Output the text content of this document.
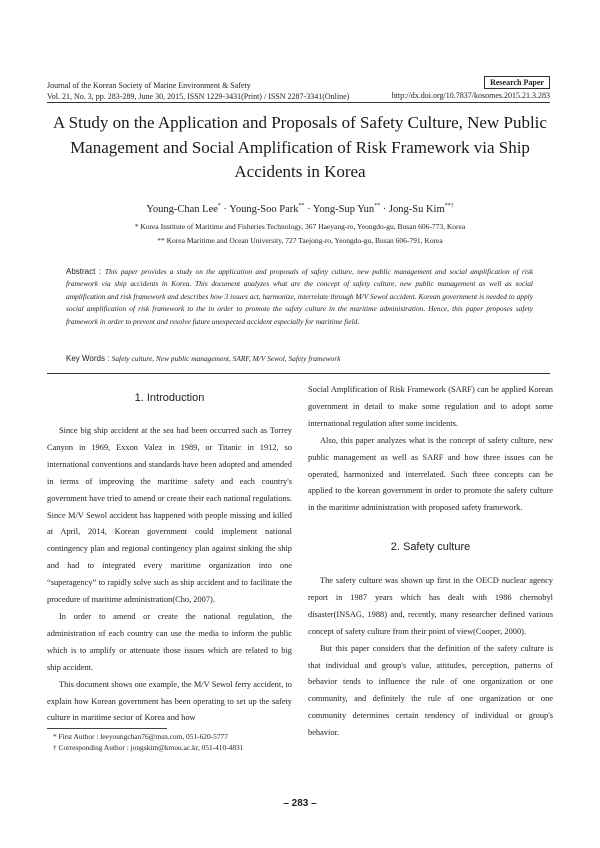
Journal of the Korean Society of Marine Environment & Safety
Vol. 21, No. 3, pp. 283-289, June 30, 2015, ISSN 1229-3431(Print) / ISSN 2287-3341(Online)
Research Paper
http://dx.doi.org/10.7837/kosomes.2015.21.3.283
A Study on the Application and Proposals of Safety Culture, New Public
Management and Social Amplification of Risk Framework via Ship
Accidents in Korea
Young-Chan Lee* · Young-Soo Park** · Yong-Sup Yun** · Jong-Su Kim**†
* Korea Institute of Maritime and Fisheries Technology, 367 Haeyang-ro, Yeongdo-gu, Busan 606-773, Korea
** Korea Maritime and Ocean University, 727 Taejong-ro, Yeongdo-gu, Busan 606-791, Korea
Abstract : This paper provides a study on the application and proposals of safety culture, new public management and social amplification of risk framework via ship accidents in Korea. This document analyzes what are the concept of safety culture, new public management as well as social amplification and risk framework and describes how 3 issues act, harmonize, interrelate through M/V Sewol accident. Korean government is needed to apply social amplification of risk framework to the in order to promote the safety culture in the maritime administration. Hence, this paper proposes safety framework in order to prevent and resolve future unexpected accident especially for maritime field.
Key Words : Safety culture, New public management, SARF, M/V Sewol, Safety framework
1. Introduction

Since big ship accident at the sea had been occurred such as Torrey Canyon in 1969, Exxon Valez in 1989, or Titanic in 1912, so international conventions and standards have been adopted and amended in terms of improving the maritime safety and each country's government have tried to amend or create their each national regulations. Since M/V Sewol accident has happened with people missing and killed at April, 2014, Korean government could implement national contingency plan and regional contingency plan against sinking the ship and had to integrated every maritime organization into one “superagency” to rapidly solve such as ship accident and to facilitate the procedure of maritime administration(Cho, 2007).

In order to amend or create the national regulation, the administration of each country can use the media to inform the public which is to amplify or attenuate those issues which are related to big ship accident.

This document shows one example, the M/V Sewol ferry accident, to explain how Korean government has been operating to set up the safety culture in maritime sector of Korea and how

Social Amplification of Risk Framework (SARF) can be applied Korean government in detail to make some regulation and to adopt some international regulation after some incidents.

Also, this paper analyzes what is the concept of safety culture, new public management as well as SARF and how three issues can be operated, harmonized and interrelated. Such three concepts can be applied to the korean government in order to promote the safety culture in the maritime administration with proposed safety framework.

2. Safety culture

The safety culture was shown up first in the OECD nuclear agency report in 1987 years which has dealt with 1986 chernobyl disaster(INSAG, 1988) and, recently, many researcher defined various concept of safety culture from their point of view(Cooper, 2000).

But this paper considers that the definition of the safety culture is that individual and group's value, attitudes, perception, patterns of behavior tends to influence the rule of one organization or one community, and definitely the rule of one organization or one community determines certain tendency of individual or group's behavior.

* First Author : leeyoungchan76@msn.com, 051-620-5777
† Corresponding Author : jongskim@kmou.ac.kr, 051-410-4831
– 283 –
